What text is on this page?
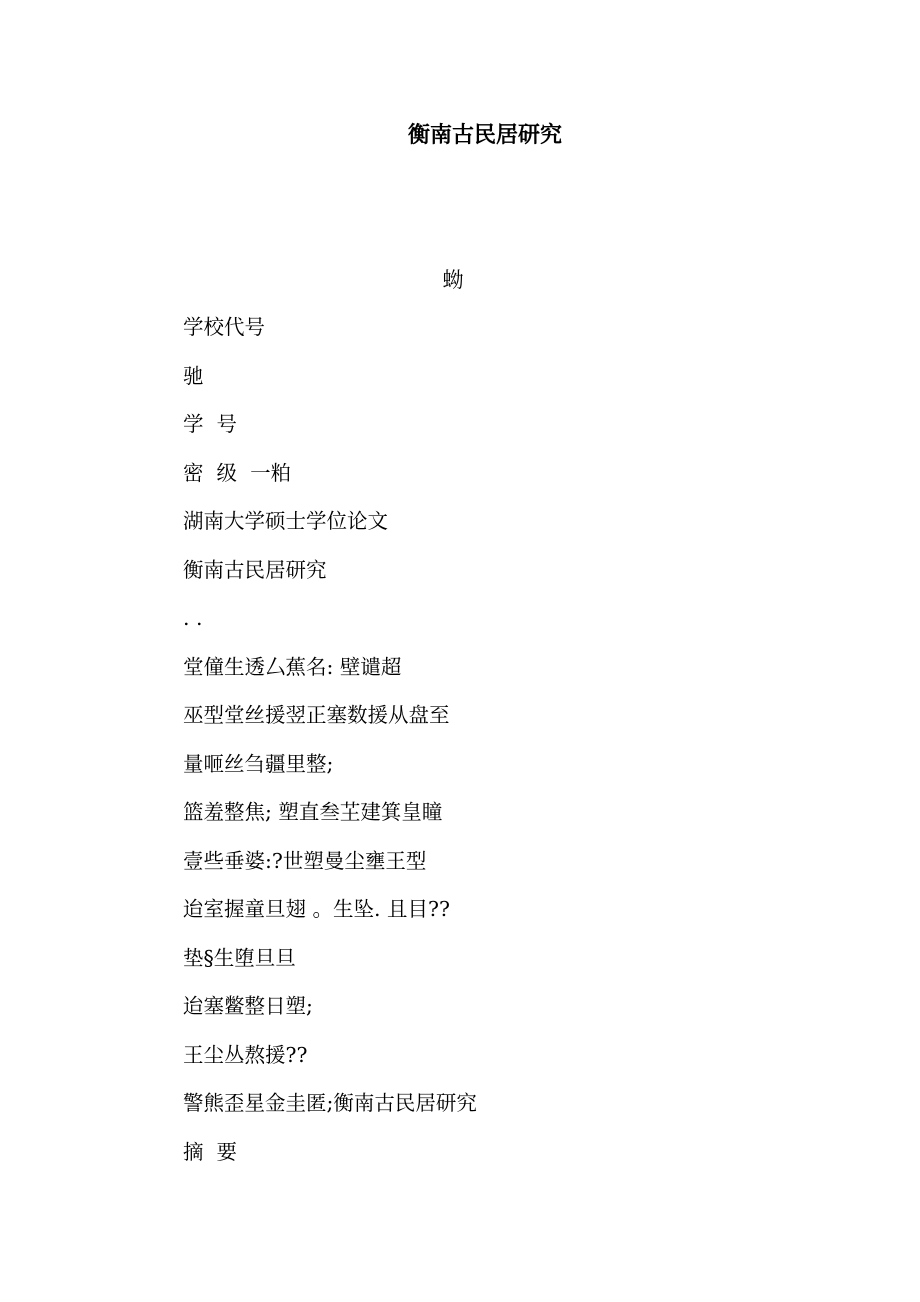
衡南古民居研究

蚴

学校代号
驰
学  号
密  级  一粕
湖南大学硕士学位论文
衡南古民居研究
. .
堂僮生透厶蕉名: 壁谴超
巫型堂丝援翌正塞数援从盘至
量咂丝刍疆里整;
篮羞整焦; 塑直叁芏建箕皇瞳
壹些垂婆:?世塑曼尘壅王型
迨室握童旦翅 。生坠. 且目??
垫§生堕旦旦
迨塞鳖整日塑;
王尘丛熬援??
警熊歪星金圭匿;衡南古民居研究
摘  要
